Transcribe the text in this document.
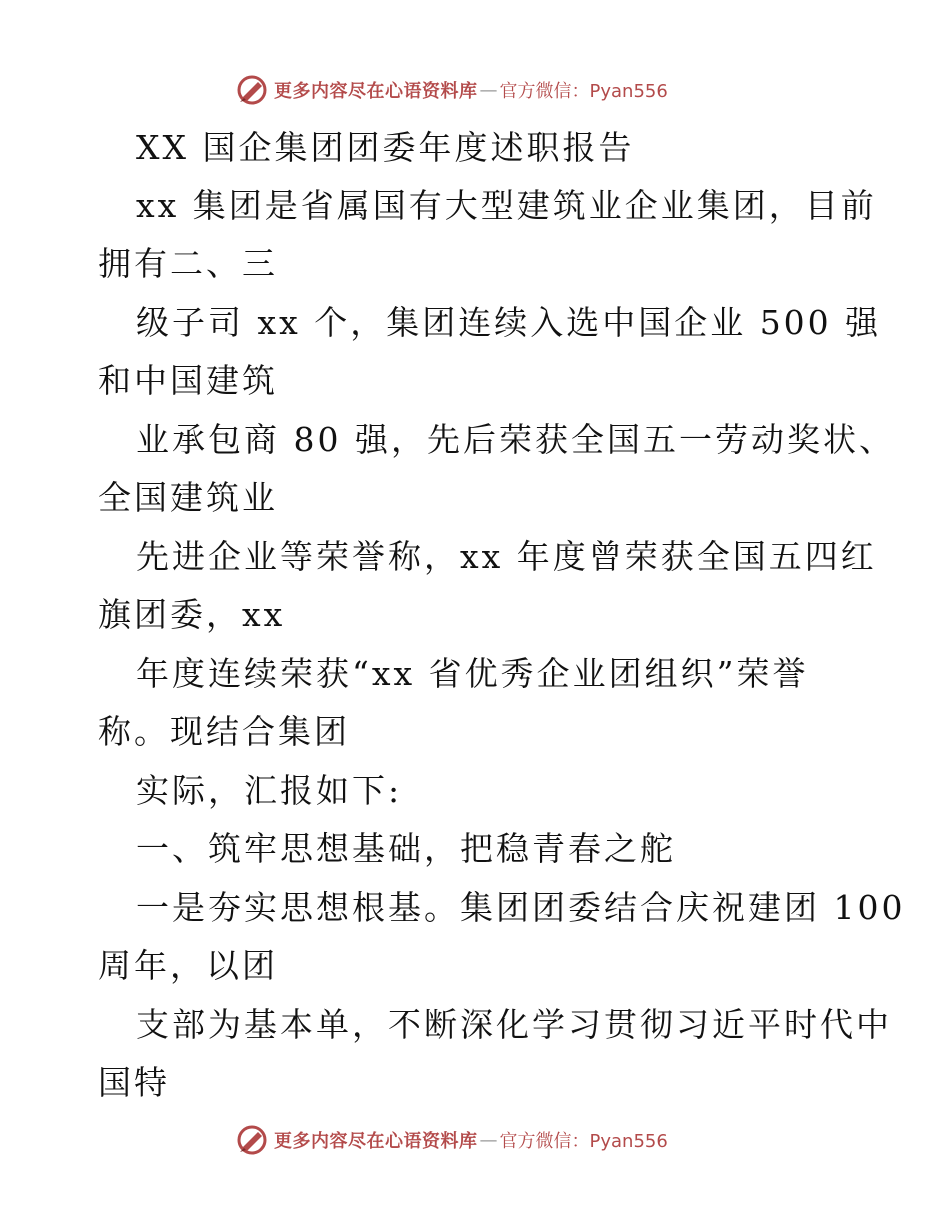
更多内容尽在心语资料库 — 官方微信：Pyan556
XX 国企集团团委年度述职报告
xx 集团是省属国有大型建筑业企业集团，目前
拥有二、三
级子司 xx 个，集团连续入选中国企业 500 强
和中国建筑
业承包商 80 强，先后荣获全国五一劳动奖状、
全国建筑业
先进企业等荣誉称，xx 年度曾荣获全国五四红
旗团委，xx
年度连续荣获“xx 省优秀企业团组织”荣誉
称。现结合集团
实际，汇报如下:
一、筑牢思想基础，把稳青春之舵
一是夯实思想根基。集团团委结合庆祝建团 100
周年，以团
支部为基本单，不断深化学习贯彻习近平时代中
国特
更多内容尽在心语资料库 — 官方微信：Pyan556
